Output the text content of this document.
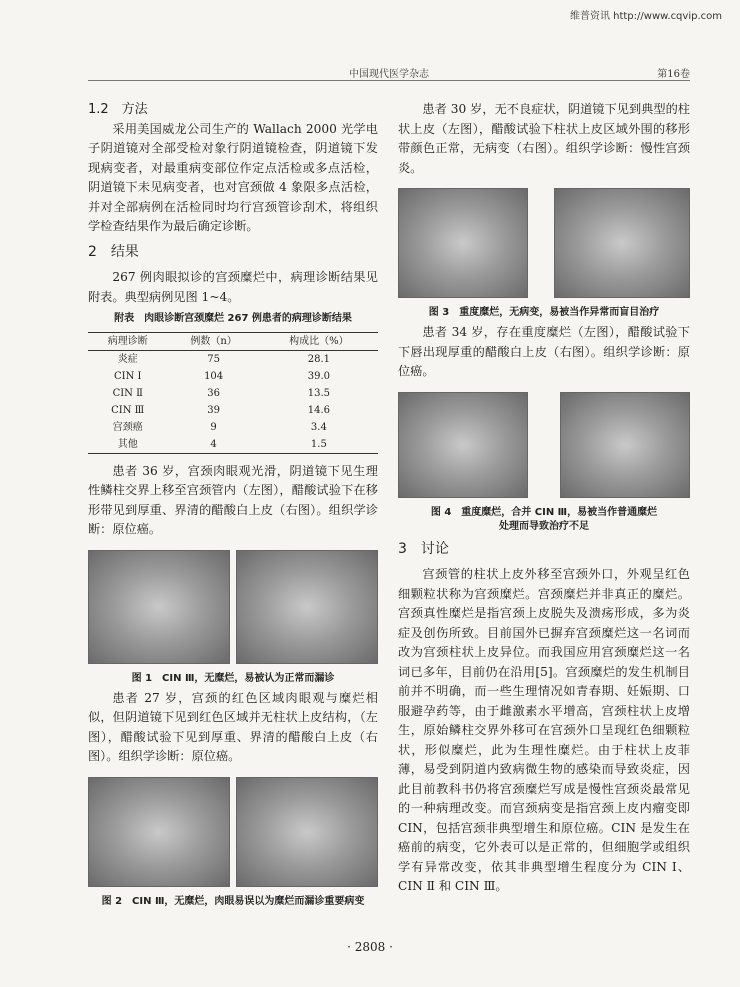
维普资讯 http://www.cqvip.com
中国现代医学杂志	第16卷
1.2　方法

采用美国威龙公司生产的 Wallach 2000 光学电子阴道镜对全部受检对象行阴道镜检查，阴道镜下发现病变者，对最重病变部位作定点活检或多点活检，阴道镜下未见病变者，也对宫颈做 4 象限多点活检，并对全部病例在活检同时均行宫颈管诊刮术，将组织学检查结果作为最后确定诊断。

2　结果

267 例肉眼拟诊的宫颈糜烂中，病理诊断结果见附表。典型病例见图 1~4。

附表　肉眼诊断宫颈糜烂 267 例患者的病理诊断结果
病理诊断	例数（n）	构成比（%）
炎症	75	28.1
CIN Ⅰ	104	39.0
CIN Ⅱ	36	13.5
CIN Ⅲ	39	14.6
宫颈癌	9	3.4
其他	4	1.5

患者 36 岁，宫颈肉眼观光滑，阴道镜下见生理性鳞柱交界上移至宫颈管内（左图），醋酸试验下在移形带见到厚重、界清的醋酸白上皮（右图）。组织学诊断：原位癌。

图 1　CIN Ⅲ，无糜烂，易被认为正常而漏诊

患者 27 岁，宫颈的红色区域肉眼观与糜烂相似，但阴道镜下见到红色区域并无柱状上皮结构，（左图），醋酸试验下见到厚重、界清的醋酸白上皮（右图）。组织学诊断：原位癌。

图 2　CIN Ⅲ，无糜烂，肉眼易误以为糜烂而漏诊重要病变

患者 30 岁，无不良症状，阴道镜下见到典型的柱状上皮（左图），醋酸试验下柱状上皮区域外围的移形带颜色正常，无病变（右图）。组织学诊断：慢性宫颈炎。

图 3　重度糜烂，无病变，易被当作异常而盲目治疗

患者 34 岁，存在重度糜烂（左图），醋酸试验下下唇出现厚重的醋酸白上皮（右图）。组织学诊断：原位癌。

图 4　重度糜烂，合并 CIN Ⅲ，易被当作普通糜烂
处理而导致治疗不足
3　讨论

宫颈管的柱状上皮外移至宫颈外口，外观呈红色细颗粒状称为宫颈糜烂。宫颈糜烂并非真正的糜烂。宫颈真性糜烂是指宫颈上皮脱失及溃疡形成，多为炎症及创伤所致。目前国外已摒弃宫颈糜烂这一名词而改为宫颈柱状上皮异位。而我国应用宫颈糜烂这一名词已多年，目前仍在沿用[5]。宫颈糜烂的发生机制目前并不明确，而一些生理情况如青春期、妊娠期、口服避孕药等，由于雌激素水平增高，宫颈柱状上皮增生，原始鳞柱交界外移可在宫颈外口呈现红色细颗粒状，形似糜烂，此为生理性糜烂。由于柱状上皮菲薄，易受到阴道内致病微生物的感染而导致炎症，因此目前教科书仍将宫颈糜烂写成是慢性宫颈炎最常见的一种病理改变。而宫颈病变是指宫颈上皮内瘤变即 CIN，包括宫颈非典型增生和原位癌。CIN 是发生在癌前的病变，它外表可以是正常的，但细胞学或组织学有异常改变，依其非典型增生程度分为 CIN Ⅰ、CIN Ⅱ 和 CIN Ⅲ。

· 2808 ·
